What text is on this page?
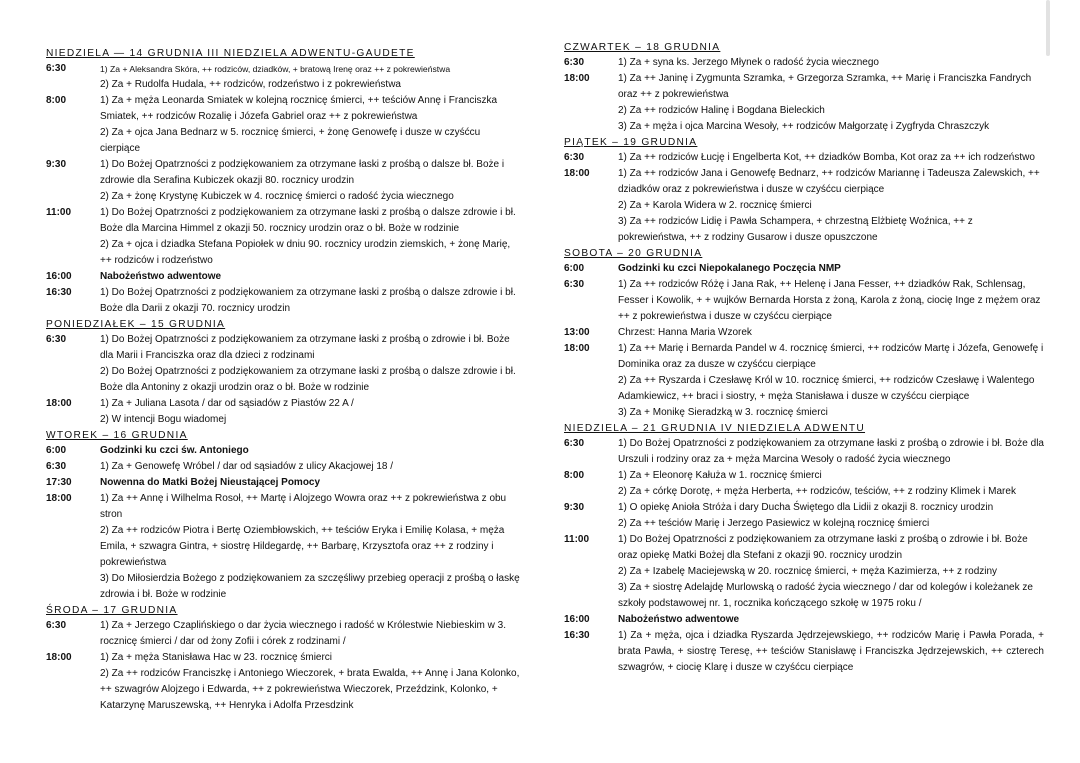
NIEDZIELA — 14 GRUDNIA III NIEDZIELA ADWENTU-GAUDETE
6:30	1) Za + Aleksandra Skóra, ++ rodziców, dziadków, + bratową Irenę oraz ++ z pokrewieństwa
2) Za + Rudolfa Hudala, ++ rodziców, rodzeństwo i z pokrewieństwa
8:00	1) Za + męża Leonarda Smiatek w kolejną rocznicę śmierci, ++ teściów Annę i Franciszka Smiatek, ++ rodziców Rozalię i Józefa Gabriel oraz ++ z pokrewieństwa
2) Za + ojca Jana Bednarz w 5. rocznicę śmierci, + żonę Genowefę i dusze w czyśćcu cierpiące
9:30	1) Do Bożej Opatrzności z podziękowaniem za otrzymane łaski z prośbą o dalsze bł. Boże i zdrowie dla Serafina Kubiczek okazji 80. rocznicy urodzin
2) Za + żonę Krystynę Kubiczek w 4. rocznicę śmierci o radość życia wiecznego
11:00	1) Do Bożej Opatrzności z podziękowaniem za otrzymane łaski z prośbą o dalsze zdrowie i bł. Boże dla Marcina Himmel z okazji 50. rocznicy urodzin oraz o bł. Boże w rodzinie
2) Za + ojca i dziadka Stefana Popiołek w dniu 90. rocznicy urodzin ziemskich, + żonę Marię, ++ rodziców i rodzeństwo
16:00	Nabożeństwo adwentowe
16:30	1) Do Bożej Opatrzności z podziękowaniem za otrzymane łaski z prośbą o dalsze zdrowie i bł. Boże dla Darii z okazji 70. rocznicy urodzin
PONIEDZIAŁEK – 15 GRUDNIA
6:30	1) Do Bożej Opatrzności z podziękowaniem za otrzymane łaski z prośbą o zdrowie i bł. Boże dla Marii i Franciszka oraz dla dzieci z rodzinami
2) Do Bożej Opatrzności z podziękowaniem za otrzymane łaski z prośbą o dalsze zdrowie i bł. Boże dla Antoniny z okazji urodzin oraz o bł. Boże w rodzinie
18:00	1) Za + Juliana Lasota / dar od sąsiadów z Piastów 22 A /
2) W intencji Bogu wiadomej
WTOREK – 16 GRUDNIA
6:00	Godzinki ku czci św. Antoniego
6:30	1) Za + Genowefę Wróbel / dar od sąsiadów z ulicy Akacjowej 18 /
17:30	Nowenna do Matki Bożej Nieustającej Pomocy
18:00	1) Za ++ Annę i Wilhelma Rosoł, ++ Martę i Alojzego Wowra oraz ++ z pokrewieństwa z obu stron
2) Za ++ rodziców Piotra i Bertę Oziembłowskich, ++ teściów Eryka i Emilię Kolasa, + męża Emila, + szwagra Gintra, + siostrę Hildegardę, ++ Barbarę, Krzysztofa oraz ++ z rodziny i pokrewieństwa
3) Do Miłosierdzia Bożego z podziękowaniem za szczęśliwy przebieg operacji z prośbą o łaskę zdrowia i bł. Boże w rodzinie
ŚRODA – 17 GRUDNIA
6:30	1) Za + Jerzego Czaplińskiego o dar życia wiecznego i radość w Królestwie Niebieskim w 3. rocznicę śmierci / dar od żony Zofii i córek z rodzinami /
18:00	1) Za + męża Stanisława Hac w 23. rocznicę śmierci
2) Za ++ rodziców Franciszkę i Antoniego Wieczorek, + brata Ewalda, ++ Annę i Jana Kolonko, ++ szwagrów Alojzego i Edwarda, ++ z pokrewieństwa Wieczorek, Przeździnk, Kolonko, + Katarzynę Maruszewską, ++ Henryka i Adolfa Przesdzink
CZWARTEK – 18 GRUDNIA
6:30	1) Za + syna ks. Jerzego Młynek o radość życia wiecznego
18:00	1) Za ++ Janinę i Zygmunta Szramka, + Grzegorza Szramka, ++ Marię i Franciszka Fandrych oraz ++ z pokrewieństwa
2) Za ++ rodziców Halinę i Bogdana Bieleckich
3) Za + męża i ojca Marcina Wesoły, ++ rodziców Małgorzatę i Zygfryda Chraszczyk
PIĄTEK – 19 GRUDNIA
6:30	1) Za ++ rodziców Łucję i Engelberta Kot, ++ dziadków Bomba, Kot oraz za ++ ich rodzeństwo
18:00	1) Za ++ rodziców Jana i Genowefę Bednarz, ++ rodziców Mariannę i Tadeusza Zalewskich, ++ dziadków oraz z pokrewieństwa i dusze w czyśćcu cierpiące
2) Za + Karola Widera w 2. rocznicę śmierci
3) Za ++ rodziców Lidię i Pawła Schampera, + chrzestną Elżbietę Woźnica, ++ z pokrewieństwa, ++ z rodziny Gusarow i dusze opuszczone
SOBOTA – 20 GRUDNIA
6:00	Godzinki ku czci Niepokalanego Poczęcia NMP
6:30	1) Za ++ rodziców Różę i Jana Rak, ++ Helenę i Jana Fesser, ++ dziadków Rak, Schlensag, Fesser i Kowolik, + + wujków Bernarda Horsta z żoną, Karola z żoną, ciocię Inge z mężem oraz ++ z pokrewieństwa i dusze w czyśćcu cierpiące
13:00	Chrzest: Hanna Maria Wzorek
18:00	1) Za ++ Marię i Bernarda Pandel w 4. rocznicę śmierci, ++ rodziców Martę i Józefa, Genowefę i Dominika oraz za dusze w czyśćcu cierpiące
2) Za ++ Ryszarda i Czesławę Król w 10. rocznicę śmierci, ++ rodziców Czesławę i Walentego Adamkiewicz, ++ braci i siostry, + męża Stanisława i dusze w czyśćcu cierpiące
3) Za + Monikę Sieradzką w 3. rocznicę śmierci
NIEDZIELA – 21 GRUDNIA IV NIEDZIELA ADWENTU
6:30	1) Do Bożej Opatrzności z podziękowaniem za otrzymane łaski z prośbą o zdrowie i bł. Boże dla Urszuli i rodziny oraz za + męża Marcina Wesoły o radość życia wiecznego
8:00	1) Za + Eleonorę Kałuża w 1. rocznicę śmierci
2) Za + córkę Dorotę, + męża Herberta, ++ rodziców, teściów, ++ z rodziny Klimek i Marek
9:30	1) O opiekę Anioła Stróża i dary Ducha Świętego dla Lidii z okazji 8. rocznicy urodzin
2) Za ++ teściów Marię i Jerzego Pasiewicz w kolejną rocznicę śmierci
11:00	1) Do Bożej Opatrzności z podziękowaniem za otrzymane łaski z prośbą o zdrowie i bł. Boże oraz opiekę Matki Bożej dla Stefani z okazji 90. rocznicy urodzin
2) Za + Izabelę Maciejewską w 20. rocznicę śmierci, + męża Kazimierza, ++ z rodziny
3) Za + siostrę Adelajdę Murlowską o radość życia wiecznego / dar od kolegów i koleżanek ze szkoły podstawowej nr. 1, rocznika kończącego szkołę w 1975 roku /
16:00	Nabożeństwo adwentowe
16:30	1) Za + męża, ojca i dziadka Ryszarda Jędrzejewskiego, ++ rodziców Marię i Pawła Porada, + brata Pawła, + siostrę Teresę, ++ teściów Stanisławę i Franciszka Jędrzejewskich, ++ czterech szwagrów, + ciocię Klarę i dusze w czyśćcu cierpiące
